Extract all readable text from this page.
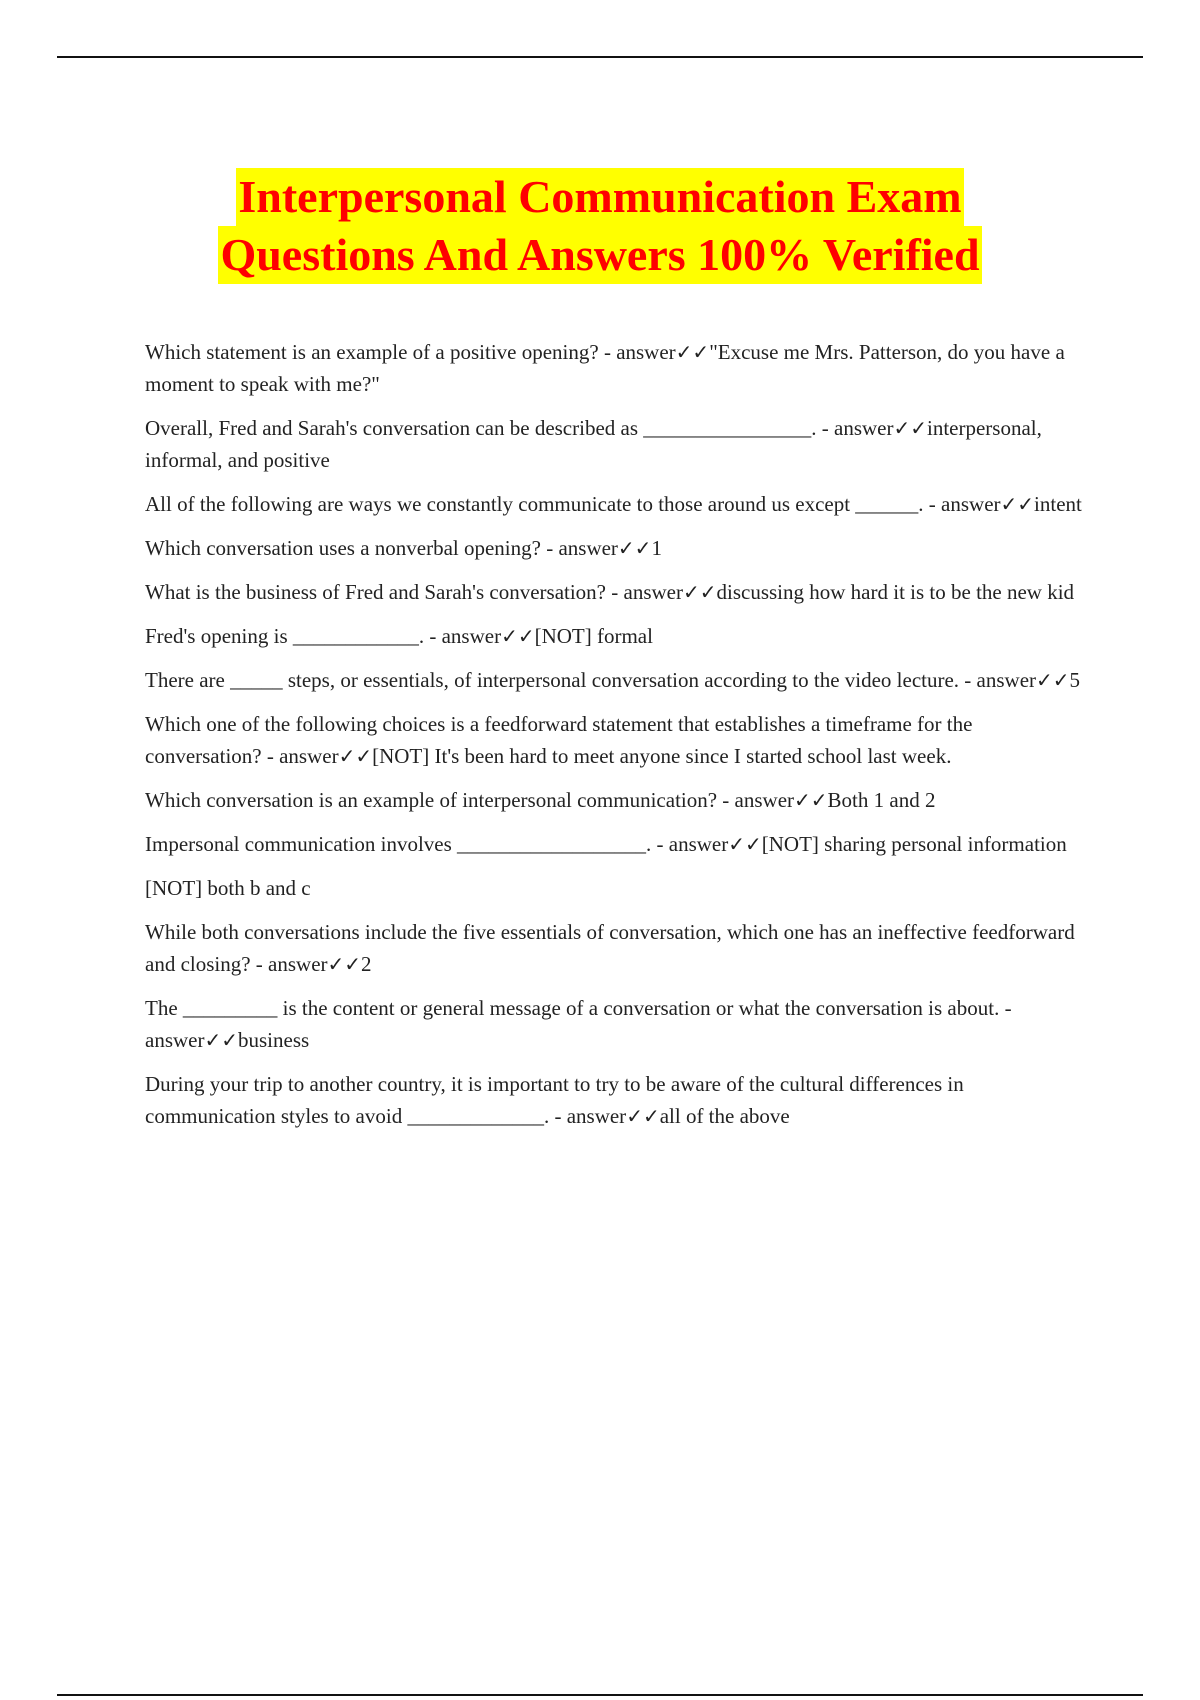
Interpersonal Communication Exam
Questions And Answers 100% Verified
Which statement is an example of a positive opening? - answer✓✓"Excuse me Mrs. Patterson, do you have a moment to speak with me?"
Overall, Fred and Sarah's conversation can be described as ________________. - answer✓✓interpersonal, informal, and positive
All of the following are ways we constantly communicate to those around us except ______. - answer✓✓intent
Which conversation uses a nonverbal opening? - answer✓✓1
What is the business of Fred and Sarah's conversation? - answer✓✓discussing how hard it is to be the new kid
Fred's opening is ____________. - answer✓✓[NOT] formal
There are _____ steps, or essentials, of interpersonal conversation according to the video lecture. - answer✓✓5
Which one of the following choices is a feedforward statement that establishes a timeframe for the conversation? - answer✓✓[NOT] It's been hard to meet anyone since I started school last week.
Which conversation is an example of interpersonal communication? - answer✓✓Both 1 and 2
Impersonal communication involves __________________. - answer✓✓[NOT] sharing personal information
[NOT] both b and c
While both conversations include the five essentials of conversation, which one has an ineffective feedforward and closing? - answer✓✓2
The _________ is the content or general message of a conversation or what the conversation is about. - answer✓✓business
During your trip to another country, it is important to try to be aware of the cultural differences in communication styles to avoid _____________. - answer✓✓all of the above
